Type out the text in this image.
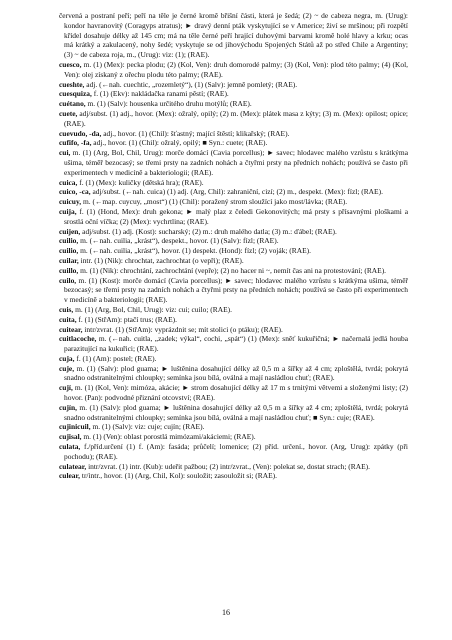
červená a postraní peří; peří na těle je černé kromě břišní části, která je šedá; (2) ~ de cabeza negra, m. (Urug): kondor havranovitý (Coragyps atratus); ► dravý denní pták vyskytující se v Americe; živí se mršinou; při rozpětí křídel dosahuje délky až 145 cm; má na těle černé peří hrající duhovými barvami kromě holé hlavy a krku; ocas má krátký a zakulacený, nohy šedé; vyskytuje se od jihovýchodu Spojených Států až po střed Chile a Argentiny; (3) ~ de cabeza roja, m., (Urug): viz: (1); (RAE).

cuesco, m. (1) (Mex): pecka plodu; (2) (Kol, Ven): druh domorodé palmy; (3) (Kol, Ven): plod této palmy; (4) (Kol, Ven): olej získaný z ořechu plodu této palmy; (RAE).

cueshte, adj. (←nah. cuechtic, „rozemletý“), (1) (Salv): jemně pomletý; (RAE).

cuesquiza, f. (1) (Ekv): nakládačka ranami pěstí; (RAE).

cuétano, m. (1) (Salv): housenka určitého druhu motýlů; (RAE).

cuete, adj/subst. (1) adj., hovor. (Mex): ožralý, opilý; (2) m. (Mex): plátek masa z kýty; (3) m. (Mex): opilost; opice; (RAE).

cuevudo, -da, adj., hovor. (1) (Chil): šťastný; mající štěstí; klikařský; (RAE).

cufifo, -fa, adj., hovor. (1) (Chil): ožralý, opilý; ■ Syn.: cuete; (RAE).

cui, m. (1) (Arg, Bol, Chil, Urug): morče domácí (Cavia porcellus); ► savec; hlodavec malého vzrůstu s krátkýma ušima, téměř bezocasý; se třemi prsty na zadních nohách a čtyřmi prsty na předních nohách; používá se často při experimentech v medicíně a bakteriologii; (RAE).

cuica, f. (1) (Mex): kuličky (dětská hra); (RAE).

cuico, -ca, adj/subst. (←nah. cuica) (1) adj. (Arg, Chil): zahraniční, cizí; (2) m., despekt. (Mex): fízl; (RAE).

cuicuy, m. (←map. cuycuy, „most“) (1) (Chil): poražený strom sloužící jako most/lávka; (RAE).

cuija, f. (1) (Hond, Mex): druh gekona; ► malý plaz z čeledi Gekonovitých; má prsty s přísavnými ploškami a srostlá oční víčka; (2) (Mex): vychrtlina; (RAE).

cuijen, adj/subst. (1) adj. (Kost): sucharský; (2) m.: druh malého datla; (3) m.: ďábel; (RAE).

cuilio, m. (←nah. cuilia, „krást“), despekt., hovor. (1) (Salv): fízl; (RAE).

cuilio, m. (←nah. cuilia, „krást“), hovor. (1) despekt. (Hond): fízl; (2) voják; (RAE).

cuilar, intr. (1) (Nik): chrochtat, zachrochtat (o vepři); (RAE).

cuillo, m. (1) (Nik): chrochtání, zachrochtání (vepře); (2) no hacer ni ~, nemít čas ani na protestování; (RAE).

cuilo, m. (1) (Kost): morče domácí (Cavia porcellus); ► savec; hlodavec malého vzrůstu s krátkýma ušima, téměř bezocasý; se třemi prsty na zadních nohách a čtyřmi prsty na předních nohách; používá se často při experimentech v medicíně a bakteriologii; (RAE).

cuis, m. (1) (Arg, Bol, Chil, Urug): viz: cui; cuilo; (RAE).

cuita, f. (1) (StřAm): ptačí trus; (RAE).

cuitear, intr/zvrat. (1) (StřAm): vyprázdnit se; mít stolici (o ptáku); (RAE).

cuitlacoche, m. (←nah. cuitla, „zadek; výkal“, cochi, „spát“) (1) (Mex): sněť kukuřičná; ► načernalá jedlá houba parazitující na kukuřici; (RAE).

cuja, f. (1) (Am): postel; (RAE).

cuje, m. (1) (Salv): plod guama; ► luštěnina dosahující délky až 0,5 m a šířky až 4 cm; zploštělá, tvrdá; pokrytá snadno odstranitelnými chloupky; semínka jsou bílá, oválná a mají nasládlou chuť; (RAE).

cují, m. (1) (Kol, Ven): mimóza, akácie; ► strom dosahující délky až 17 m s trnitými větvemi a složenými listy; (2) hovor. (Pan): podvodné přiznání otcovství; (RAE).

cujín, m. (1) (Salv): plod guama; ► luštěnina dosahující délky až 0,5 m a šířky až 4 cm; zploštělá, tvrdá; pokrytá snadno odstranitelnými chloupky; semínka jsou bílá, oválná a mají nasládlou chuť; ■ Syn.: cuje; (RAE).

cujinicuil, m. (1) (Salv): viz: cuje; cujín; (RAE).

cujisal, m. (1) (Ven): oblast porostlá mimózami/akáciemi; (RAE).

culata, f./příd.určení (1) f. (Am): fasáda; průčelí; lomenice; (2) příd. určení., hovor. (Arg, Urug): zpátky (při pochodu); (RAE).

culatear, intr/zvrat. (1) intr. (Kub): udeřit pažbou; (2) intr/zvrat., (Ven): polekat se, dostat strach; (RAE).

culear, tr/intr., hovor. (1) (Arg, Chil, Kol): souložit; zasouložit si; (RAE).

16
